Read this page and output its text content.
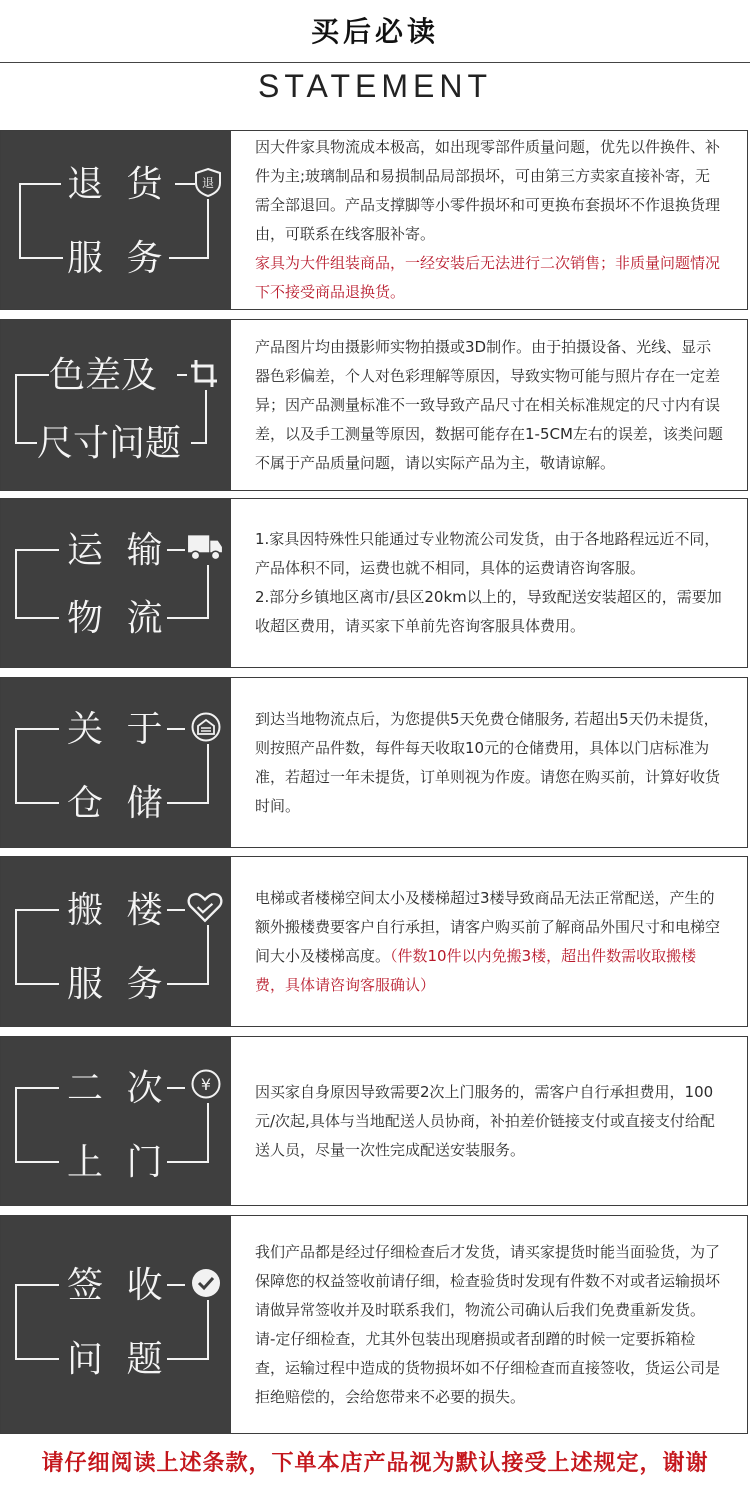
买后必读
STATEMENT
退 货
服 务
退

因大件家具物流成本极高，如出现零部件质量问题，优先以件换件、补件为主;玻璃制品和易损制品局部损坏，可由第三方卖家直接补寄，无需全部退回。产品支撑脚等小零件损坏和可更换布套损坏不作退换货理由，可联系在线客服补寄。

家具为大件组装商品，一经安装后无法进行二次销售；非质量问题情况下不接受商品退换货。

色差及
尺寸问题

产品图片均由摄影师实物拍摄或3D制作。由于拍摄设备、光线、显示器色彩偏差，个人对色彩理解等原因，导致实物可能与照片存在一定差异；因产品测量标准不一致导致产品尺寸在相关标准规定的尺寸内有误差，以及手工测量等原因，数据可能存在1-5CM左右的误差，该类问题不属于产品质量问题，请以实际产品为主，敬请谅解。

运 输
物 流

1.家具因特殊性只能通过专业物流公司发货，由于各地路程远近不同，产品体积不同，运费也就不相同，具体的运费请咨询客服。

2.部分乡镇地区离市/县区20km以上的，导致配送安装超区的，需要加收超区费用，请买家下单前先咨询客服具体费用。

关 于
仓 储

到达当地物流点后，为您提供5天免费仓储服务, 若超出5天仍未提货，则按照产品件数，每件每天收取10元的仓储费用，具体以门店标准为准，若超过一年未提货，订单则视为作废。请您在购买前，计算好收货时间。

搬 楼
服 务

电梯或者楼梯空间太小及楼梯超过3楼导致商品无法正常配送，产生的额外搬楼费要客户自行承担，请客户购买前了解商品外围尺寸和电梯空间大小及楼梯高度。（件数10件以内免搬3楼，超出件数需收取搬楼费，具体请咨询客服确认）

二 次
上 门
¥	因买家自身原因导致需要2次上门服务的，需客户自行承担费用，100元/次起,具体与当地配送人员协商，补拍差价链接支付或直接支付给配送人员，尽量一次性完成配送安装服务。

签 收
问 题

我们产品都是经过仔细检查后才发货，请买家提货时能当面验货，为了保障您的权益签收前请仔细，检查验货时发现有件数不对或者运输损坏请做异常签收并及时联系我们，物流公司确认后我们免费重新发货。请-定仔细检查，尤其外包装出现磨损或者刮蹭的时候一定要拆箱检查，运输过程中造成的货物损坏如不仔细检查而直接签收，货运公司是拒绝赔偿的，会给您带来不必要的损失。

请仔细阅读上述条款，下单本店产品视为默认接受上述规定，谢谢
